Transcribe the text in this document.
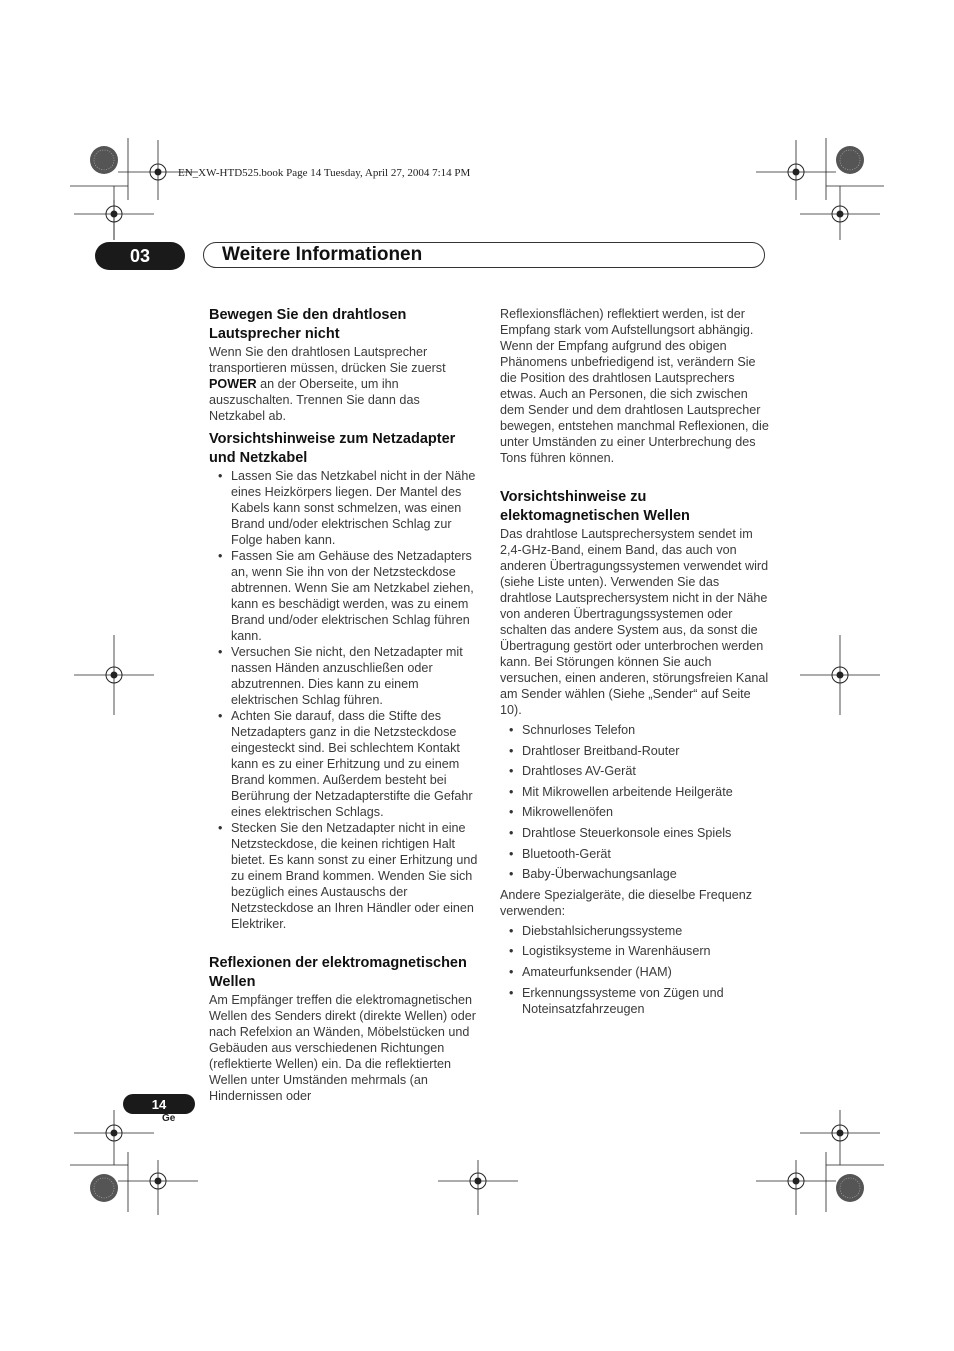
EN_XW-HTD525.book Page 14 Tuesday, April 27, 2004 7:14 PM
03	Weitere Informationen
Bewegen Sie den drahtlosen Lautsprecher nicht

Wenn Sie den drahtlosen Lautsprecher transportieren müssen, drücken Sie zuerst POWER an der Oberseite, um ihn auszuschalten. Trennen Sie dann das Netzkabel ab.

Vorsichtshinweise zum Netzadapter und Netzkabel
• Lassen Sie das Netzkabel nicht in der Nähe eines Heizkörpers liegen. Der Mantel des Kabels kann sonst schmelzen, was einen Brand und/oder elektrischen Schlag zur Folge haben kann.
• Fassen Sie am Gehäuse des Netzadapters an, wenn Sie ihn von der Netzsteckdose abtrennen. Wenn Sie am Netzkabel ziehen, kann es beschädigt werden, was zu einem Brand und/oder elektrischen Schlag führen kann.
• Versuchen Sie nicht, den Netzadapter mit nassen Händen anzuschließen oder abzutrennen. Dies kann zu einem elektrischen Schlag führen.
• Achten Sie darauf, dass die Stifte des Netzadapters ganz in die Netzsteckdose eingesteckt sind. Bei schlechtem Kontakt kann es zu einer Erhitzung und zu einem Brand kommen. Außerdem besteht bei Berührung der Netzadapterstifte die Gefahr eines elektrischen Schlags.
• Stecken Sie den Netzadapter nicht in eine Netzsteckdose, die keinen richtigen Halt bietet. Es kann sonst zu einer Erhitzung und zu einem Brand kommen. Wenden Sie sich bezüglich eines Austauschs der Netzsteckdose an Ihren Händler oder einen Elektriker.
Reflexionen der elektromagnetischen Wellen

Am Empfänger treffen die elektromagnetischen Wellen des Senders direkt (direkte Wellen) oder nach Refelxion an Wänden, Möbelstücken und Gebäuden aus verschiedenen Richtungen (reflektierte Wellen) ein. Da die reflektierten Wellen unter Umständen mehrmals (an Hindernissen oder

Reflexionsflächen) reflektiert werden, ist der Empfang stark vom Aufstellungsort abhängig. Wenn der Empfang aufgrund des obigen Phänomens unbefriedigend ist, verändern Sie die Position des drahtlosen Lautsprechers etwas. Auch an Personen, die sich zwischen dem Sender und dem drahtlosen Lautsprecher bewegen, entstehen manchmal Reflexionen, die unter Umständen zu einer Unterbrechung des Tons führen können.

Vorsichtshinweise zu elektomagnetischen Wellen

Das drahtlose Lautsprechersystem sendet im 2,4-GHz-Band, einem Band, das auch von anderen Übertragungssystemen verwendet wird (siehe Liste unten). Verwenden Sie das drahtlose Lautsprechersystem nicht in der Nähe von anderen Übertragungssystemen oder schalten das andere System aus, da sonst die Übertragung gestört oder unterbrochen werden kann. Bei Störungen können Sie auch versuchen, einen anderen, störungsfreien Kanal am Sender wählen (Siehe „Sender“ auf Seite 10).

• Schnurloses Telefon
• Drahtloser Breitband-Router
• Drahtloses AV-Gerät
• Mit Mikrowellen arbeitende Heilgeräte
• Mikrowellenöfen
• Drahtlose Steuerkonsole eines Spiels
• Bluetooth-Gerät
• Baby-Überwachungsanlage

Andere Spezialgeräte, die dieselbe Frequenz verwenden:

• Diebstahlsicherungssysteme
• Logistiksysteme in Warenhäusern
• Amateurfunksender (HAM)
• Erkennungssysteme von Zügen und Noteinsatzfahrzeugen
14
Ge
